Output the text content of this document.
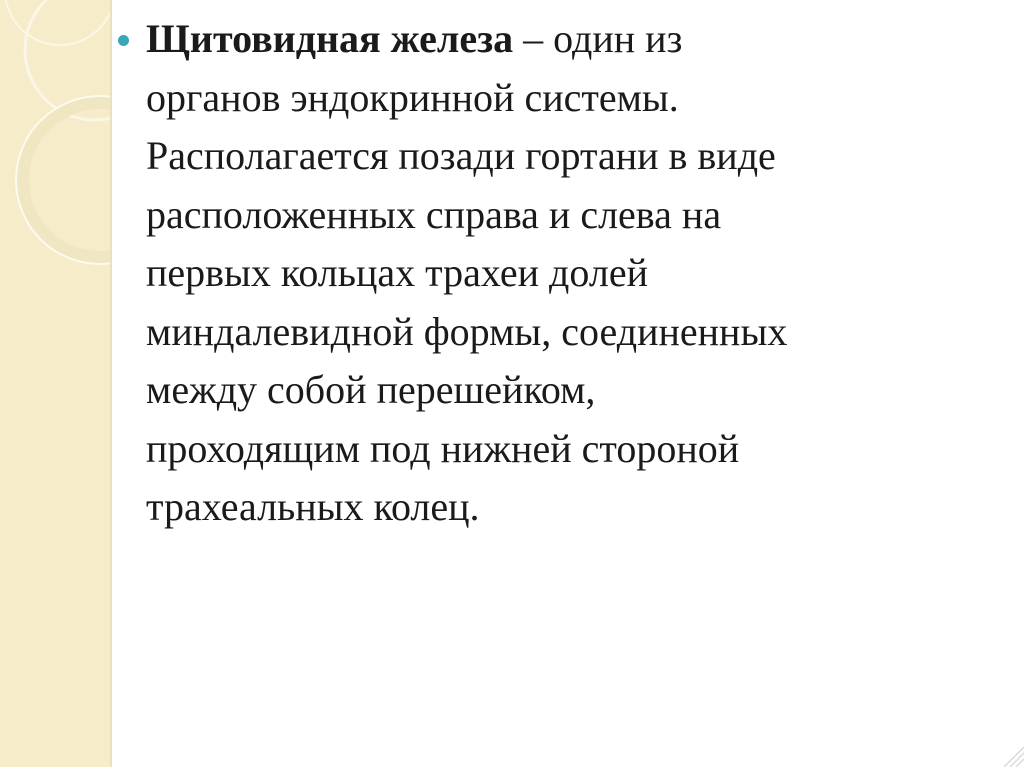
Щитовидная железа – один из
органов эндокринной системы.
Располагается позади гортани в виде
расположенных справа и слева на
первых кольцах трахеи долей
миндалевидной формы, соединенных
между собой перешейком,
проходящим под нижней стороной
трахеальных колец.
